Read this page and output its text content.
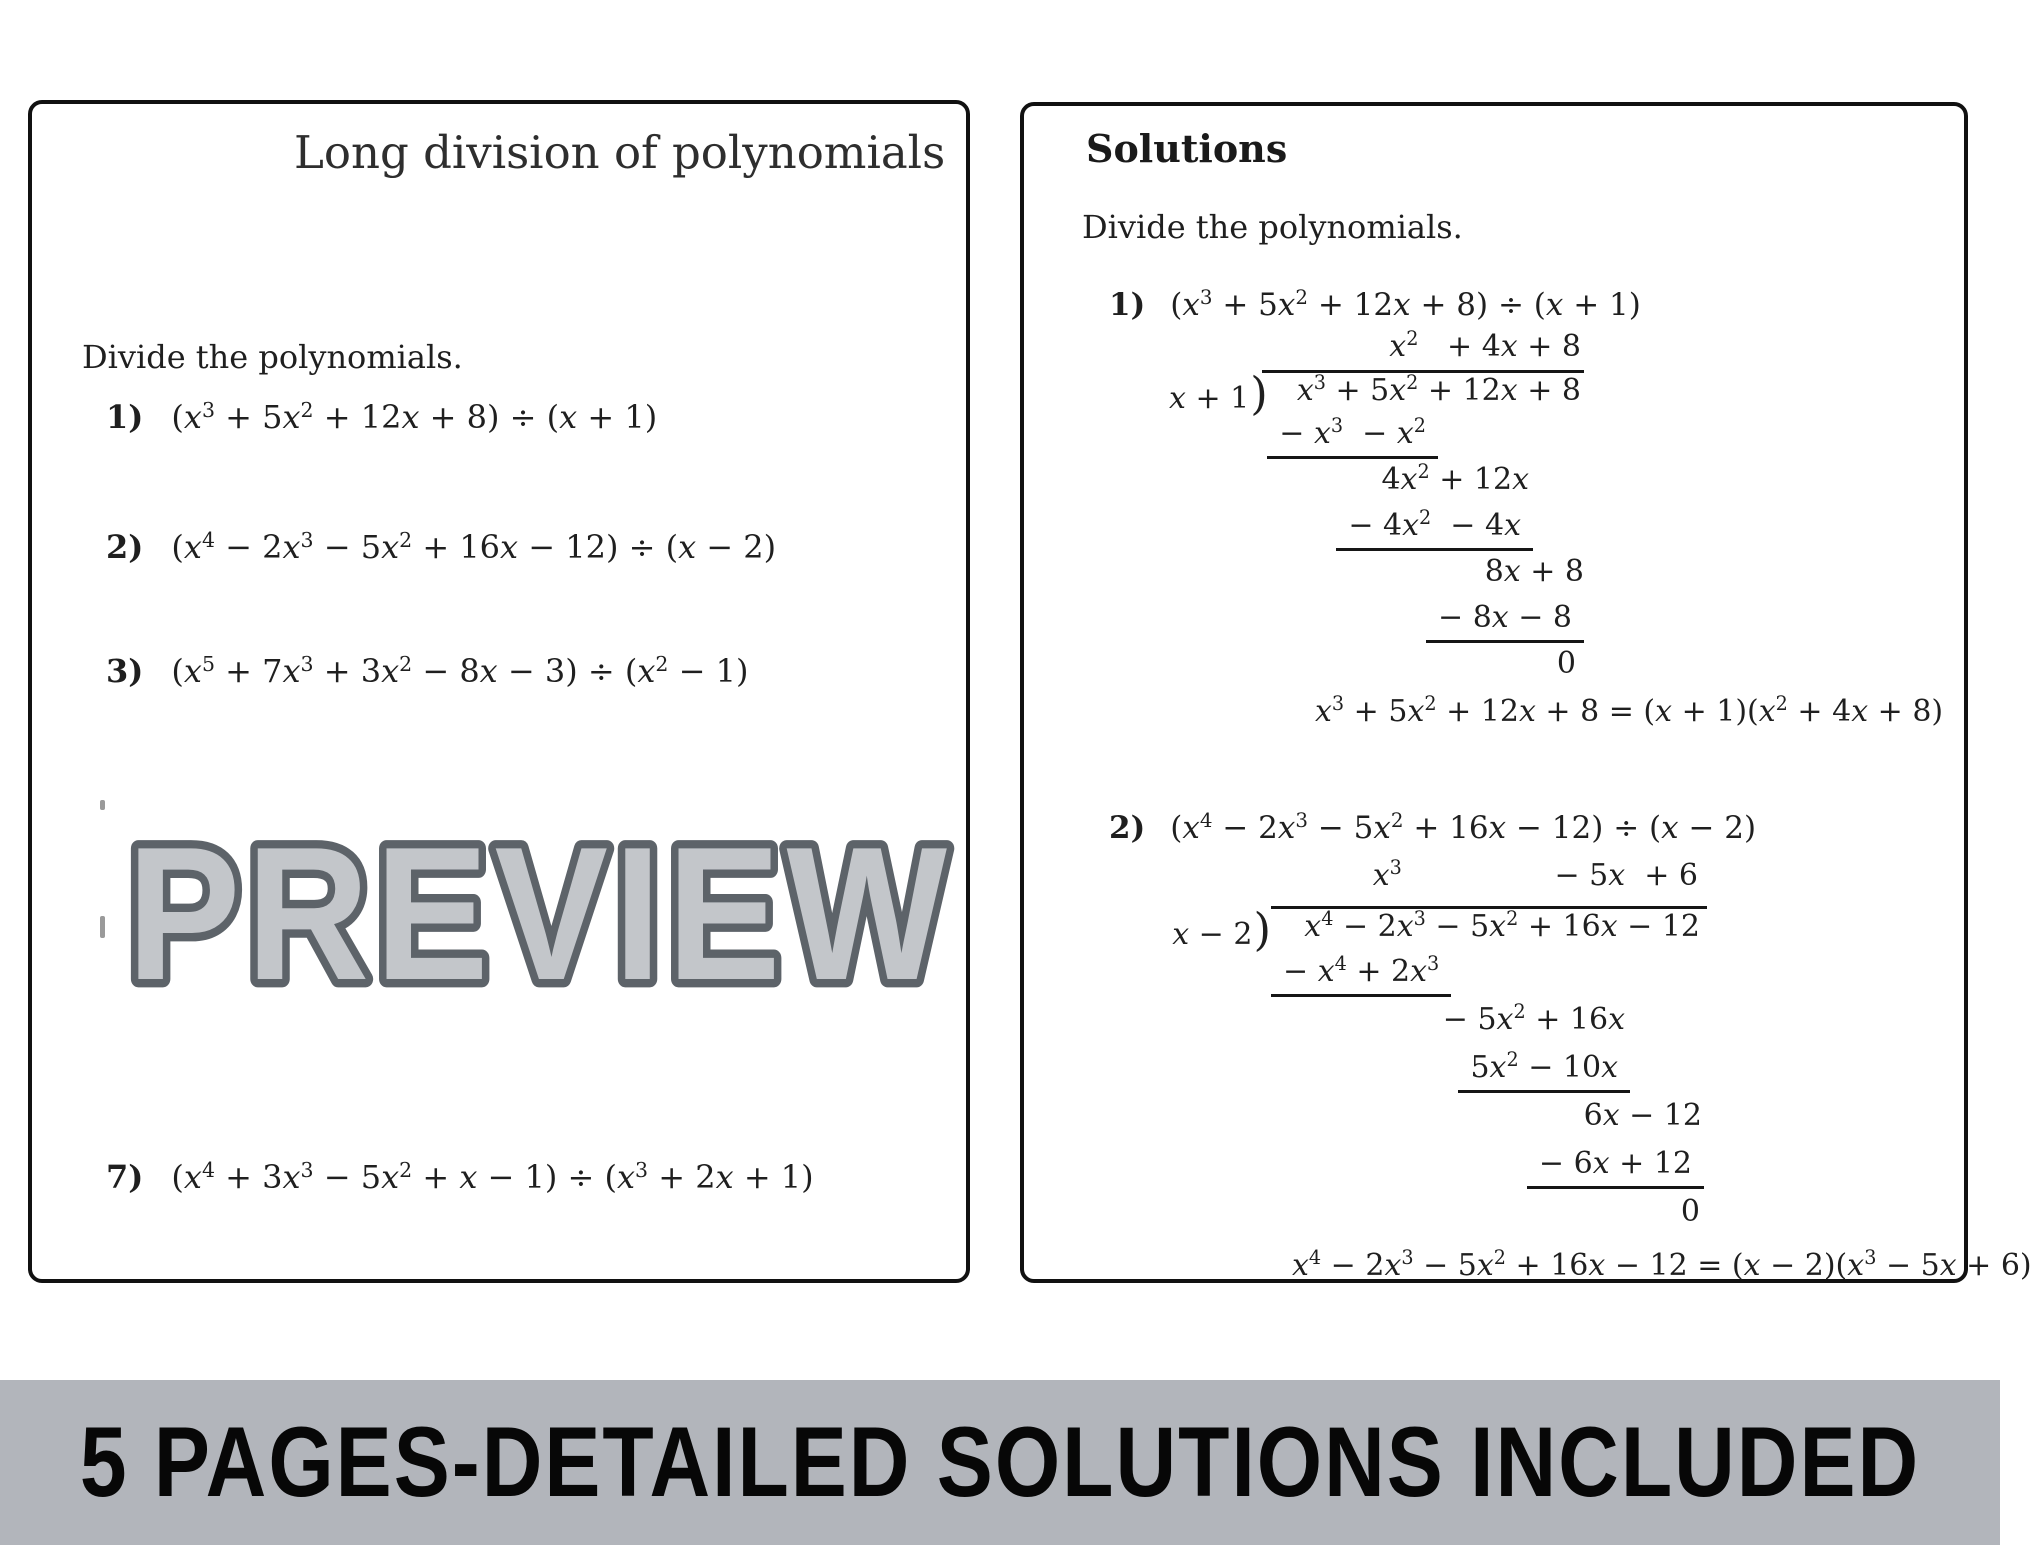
Long division of polynomials

Divide the polynomials.

1) $(x^3 + 5x^2 + 12x + 8) \div (x + 1)$
2) $(x^4 - 2x^3 - 5x^2 + 16x - 12) \div (x - 2)$
3) $(x^5 + 7x^3 + 3x^2 - 8x - 3) \div (x^2 - 1)$
7) $(x^4 + 3x^3 - 5x^2 + x - 1) \div (x^3 + 2x + 1)$
PREVIEW
Solutions

Divide the polynomials.

1) $(x^3 + 5x^2 + 12x + 8) \div (x + 1)$
$x^2 + 4x + 8$
x + 1) $x^3 + 5x^2 + 12x + 8$
− $x^3 - x^2$
$4x^2 + 12x$
− $4x^2 - 4x$
8x + 8
− 8x − 8
0
$x^3 + 5x^2 + 12x + 8 = (x + 1)(x^2 + 4x + 8)$
2) $(x^4 - 2x^3 - 5x^2 + 16x - 12) \div (x - 2)$
$x^3$                − 5x  + 6
x − 2)	$x^4 - 2x^3 - 5x^2 + 16x - 12$
− $x^4 + 2x^3$
− $5x^2 + 16x$
$5x^2 - 10x$
6x − 12
− 6x + 12
0
$x^4 - 2x^3 - 5x^2 + 16x - 12 = (x - 2)(x^3 - 5x + 6)$
5 PAGES-DETAILED SOLUTIONS INCLUDED
